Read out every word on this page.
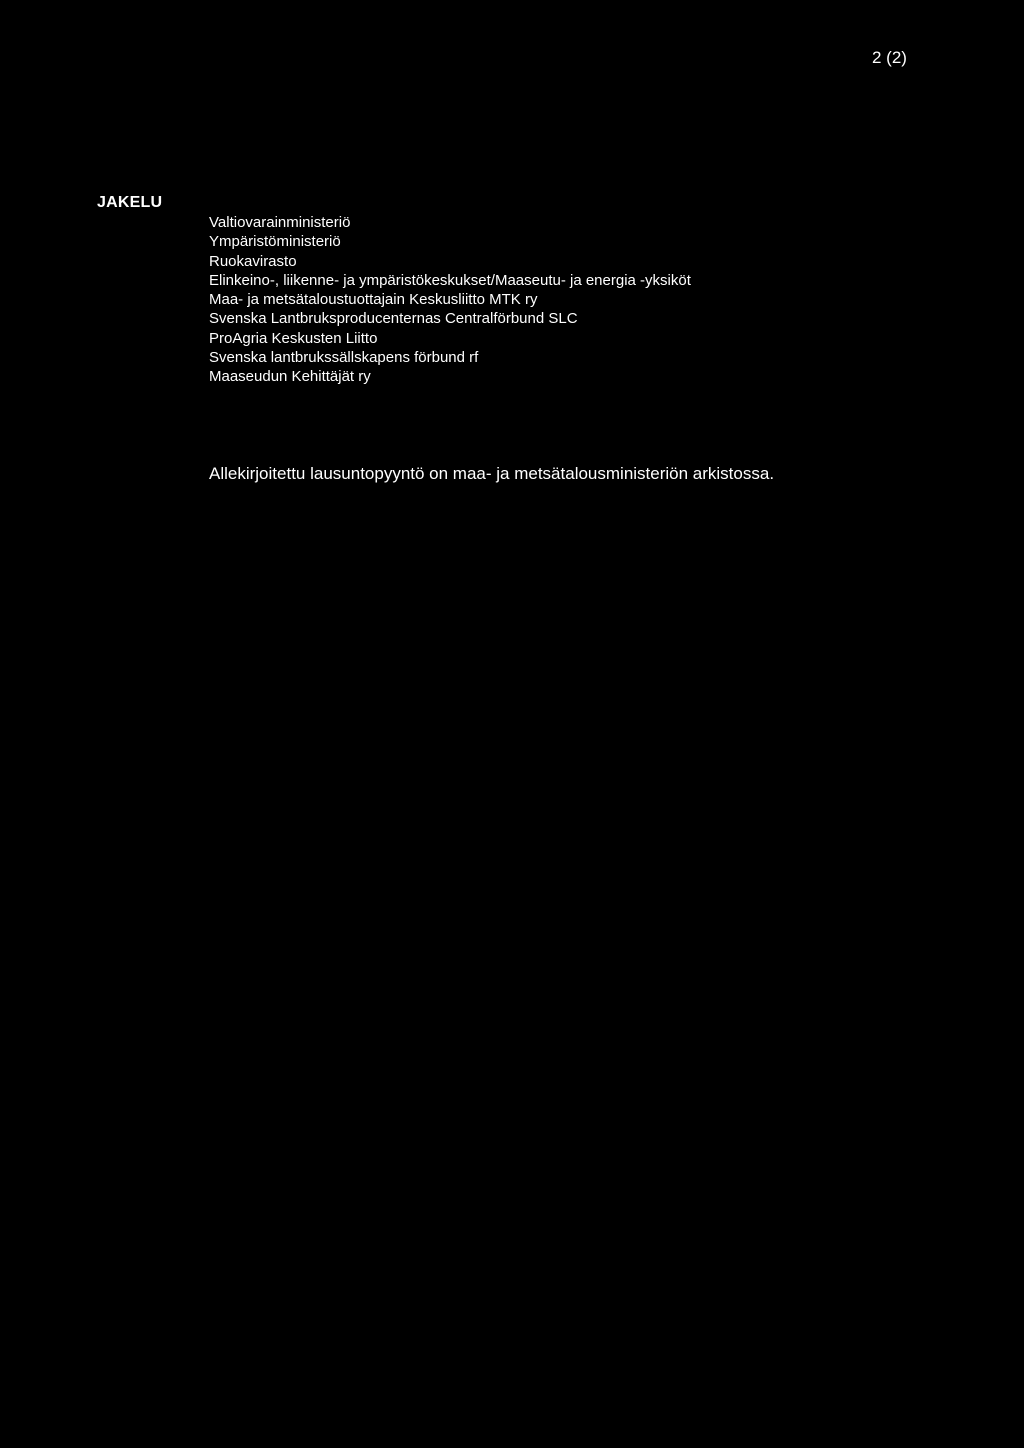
2 (2)
JAKELU
Valtiovarainministeriö
Ympäristöministeriö
Ruokavirasto
Elinkeino-, liikenne- ja ympäristökeskukset/Maaseutu- ja energia -yksiköt
Maa- ja metsätaloustuottajain Keskusliitto MTK ry
Svenska Lantbruksproducenternas Centralförbund SLC
ProAgria Keskusten Liitto
Svenska lantbrukssällskapens förbund rf
Maaseudun Kehittäjät ry
Allekirjoitettu lausuntopyyntö on maa- ja metsätalousministeriön arkistossa.
